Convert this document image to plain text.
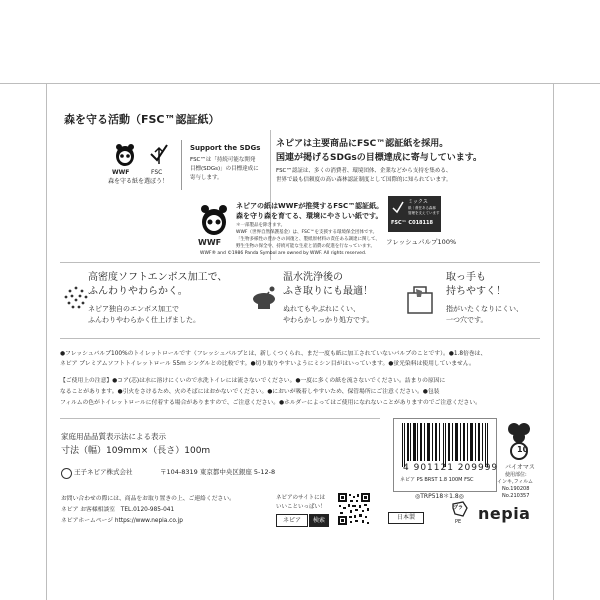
森を守る活動（FSC™認証紙）
WWF	FSC
森を守る紙を選ぼう！
Support the SDGs
FSC™は「持続可能な開発
目標(SDGs)」の目標達成に
寄与します。
ネピアは主要商品にFSC™認証紙を採用。
国連が掲げるSDGsの目標達成に寄与しています。
FSC™認証は、多くの消費者、環境団体、企業などから支持を集める、
世界で最も信頼度の高い森林認証制度として国際的に知られています。
WWF
ネピアの紙はWWFが推奨するFSC™認証紙。
森を守り森を育てる、環境にやさしい紙です。
＊一部製品を除きます。
WWF（世界自然保護基金）は、FSC™を支援する環境保全団体です。
「生物多様性の豊かさの回復と、製紙原材料の責任ある調達に関して、
野生生物の保全や、持続可能な生産と消費の促進を行なっています。
ミックス
紙｜責任ある森林
管理を支えています
FSC™ C018118
フレッシュパルプ100%
WWF® and ©1986 Panda Symbol are owned by WWF. All rights reserved.
高密度ソフトエンボス加工で、
ふんわりやわらかく。
ネピア独自のエンボス加工で
ふんわりやわらかく仕上げました。
温水洗浄後の
ふき取りにも最適！
ぬれてもやぶれにくい、
やわらかしっかり処方です。
取っ手も
持ちやすく！
指がいたくなりにくい、
一つ穴です。
●フレッシュパルプ100%のトイレットロールです（フレッシュパルプとは、新しくつくられ、まだ一度も紙に加工されていないパルプのことです）。●1.8倍巻は、
ネピア プレミアムソフトトイレットロール 55m シングルとの比較です。●切り取りやすいようにミシン目がはいっています。●蛍光染料は使用していません。
【ご使用上の注意】●コア(芯)は水に溶けにくいので水洗トイレには流さないでください。●一度に多くの紙を流さないでください。詰まりの原因に
なることがあります。●引火をさけるため、火のそばにはおかないでください。●においが吸着しやすいため、保管場所にご注意ください。●包装
フィルムの色がトイレットロールに付着する場合がありますので、ご注意ください。●ホルダーによってはご使用になれないことがありますのでご注意ください。
家庭用品品質表示法による表示
寸法（幅）109mm×（長さ）100m
王子ネピア株式会社	〒104-8319 東京都中央区銀座 5-12-8	4 901121 209999
ネピア PS BRST 1.8 100M FSC
◎TRP518＊1.8◎
10
バイオマス
使用部位:
インキ,フィルム
No.190208
No.210357
お問い合わせの際には、商品をお取り置きの上、ご連絡ください。
ネピア お客様相談室　TEL.0120-985-041
ネピアホームページ https://www.nepia.co.jp
ネピアのサイトには
いいこといっぱい！
ネピア	検索	日本製
プラ
PE nepia
